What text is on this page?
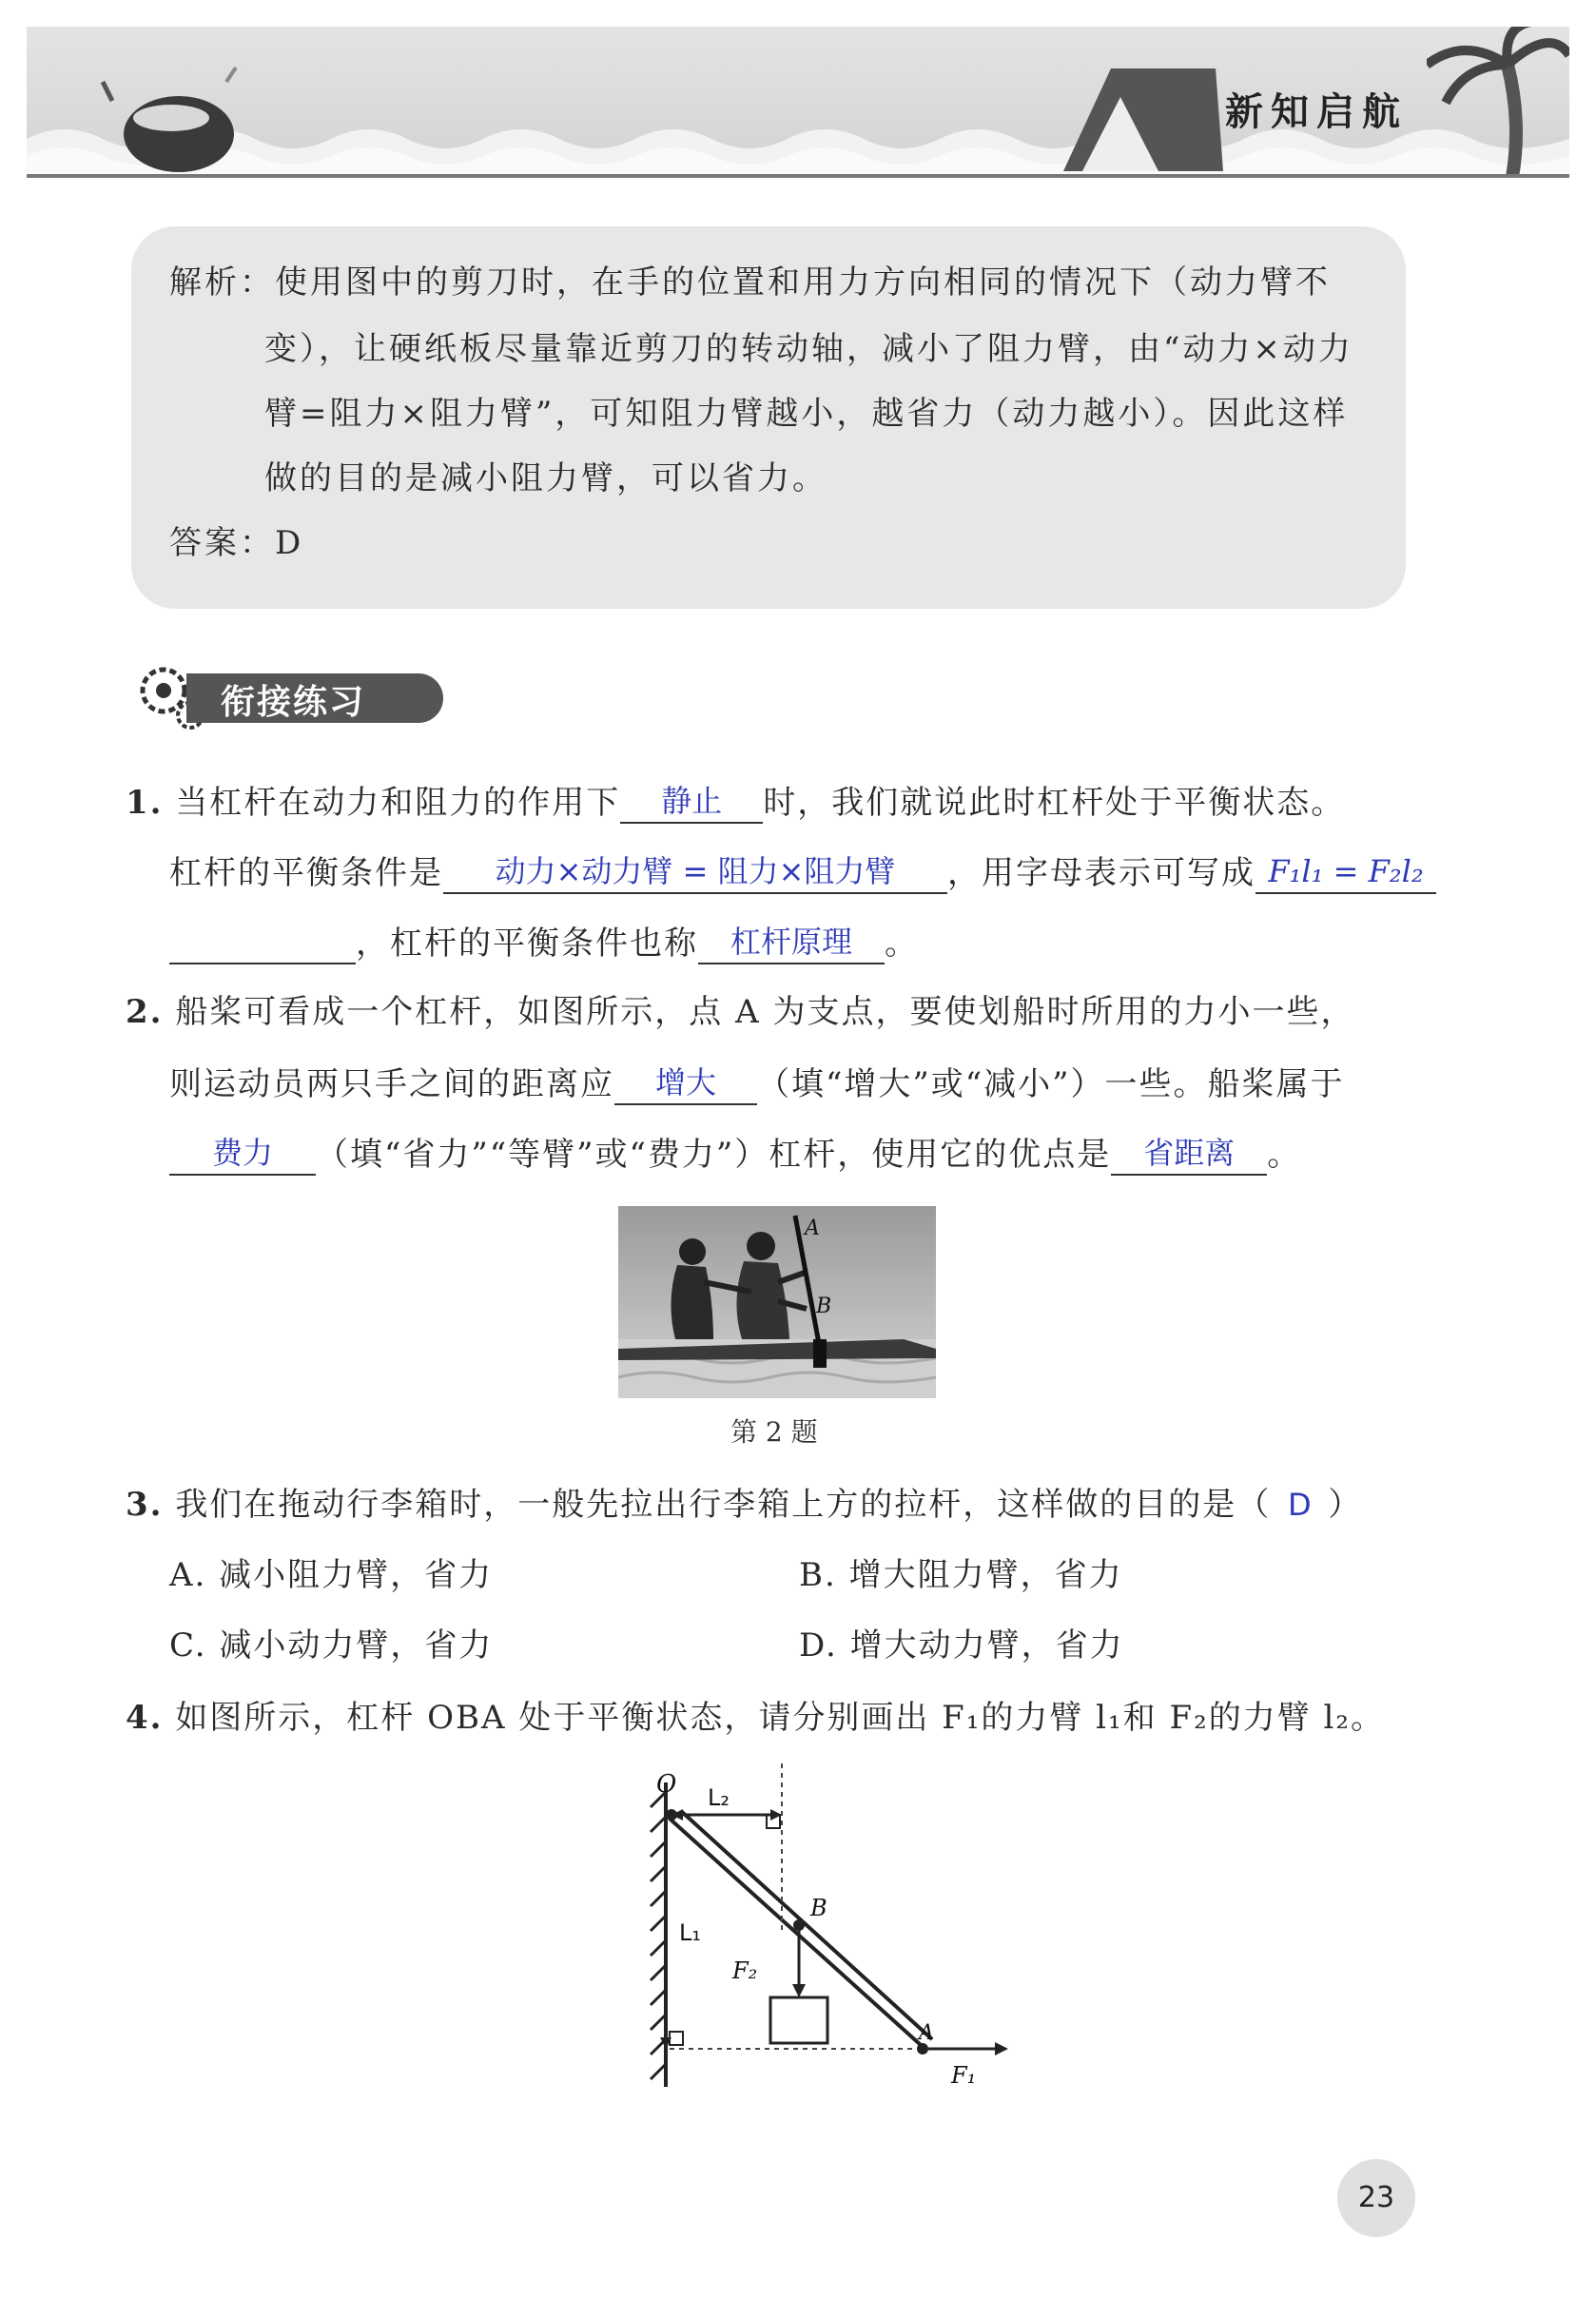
新知启航

解析：使用图中的剪刀时，在手的位置和用力方向相同的情况下（动力臂不

变），让硬纸板尽量靠近剪刀的转动轴，减小了阻力臂，由“动力×动力

臂=阻力×阻力臂”，可知阻力臂越小，越省力（动力越小）。因此这样

做的目的是减小阻力臂，可以省力。

答案：D

衔接练习
1. 当杠杆在动力和阻力的作用下 静止 时，我们就说此时杠杆处于平衡状态。
杠杆的平衡条件是 动力×动力臂 = 阻力×阻力臂 ，用字母表示可写成 F₁l₁ = F₂l₂
，杠杆的平衡条件也称 杠杆原理 。
2. 船桨可看成一个杠杆，如图所示，点 A 为支点，要使划船时所用的力小一些，
则运动员两只手之间的距离应 增大 （填“增大”或“减小”）一些。船桨属于
费力 （填“省力”“等臂”或“费力”）杠杆，使用它的优点是 省距离 。
A
B
第 2 题
3. 我们在拖动行李箱时，一般先拉出行李箱上方的拉杆，这样做的目的是（ D ）
A. 减小阻力臂，省力	B. 增大阻力臂，省力
C. 减小动力臂，省力	D. 增大动力臂，省力
4. 如图所示，杠杆 OBA 处于平衡状态，请分别画出 F₁的力臂 l₁和 F₂的力臂 l₂。
O L₂
B
L₁
F₂
A
F₁
23
